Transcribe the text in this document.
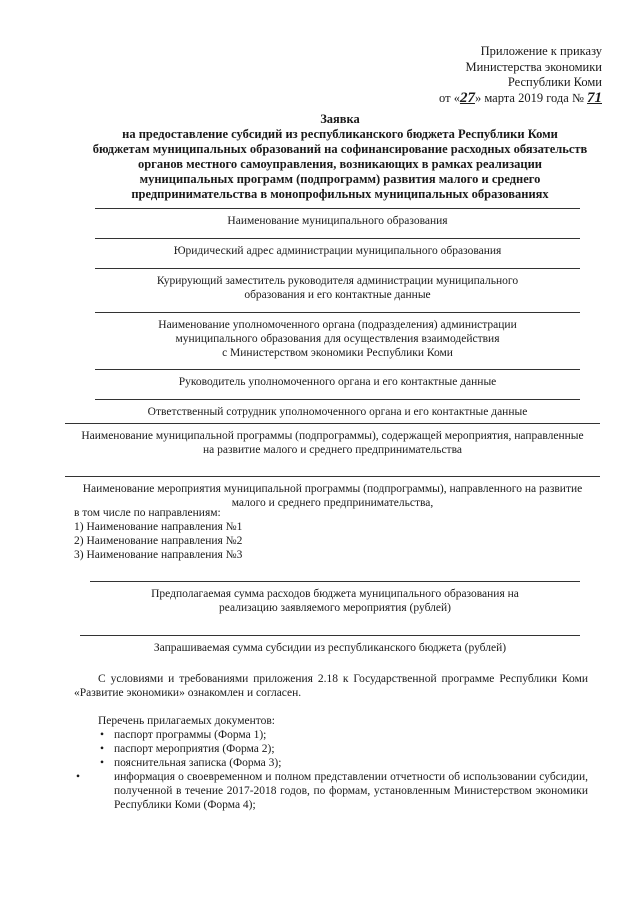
Приложение к приказу
Министерства экономики
Республики Коми
от «27» марта 2019 года № 71
Заявка
на предоставление субсидий из республиканского бюджета Республики Коми
бюджетам муниципальных образований на софинансирование расходных обязательств
органов местного самоуправления, возникающих в рамках реализации
муниципальных программ (подпрограмм) развития малого и среднего
предпринимательства в монопрофильных муниципальных образованиях
Наименование муниципального образования
Юридический адрес администрации муниципального образования
Курирующий заместитель руководителя администрации муниципального
образования и его контактные данные
Наименование уполномоченного органа (подразделения) администрации
муниципального образования для осуществления взаимодействия
с Министерством экономики Республики Коми
Руководитель уполномоченного органа и его контактные данные
Ответственный сотрудник уполномоченного органа и его контактные данные
Наименование муниципальной программы (подпрограммы), содержащей мероприятия, направленные
на развитие малого и среднего предпринимательства
Наименование мероприятия муниципальной программы (подпрограммы), направленного на развитие
малого и среднего предпринимательства,
в том числе по направлениям:
1) Наименование направления №1
2) Наименование направления №2
3) Наименование направления №3
Предполагаемая сумма расходов бюджета муниципального образования на
реализацию заявляемого мероприятия (рублей)
Запрашиваемая сумма субсидии из республиканского бюджета (рублей)
С условиями и требованиями приложения 2.18 к Государственной программе Республики Коми «Развитие экономики» ознакомлен и согласен.
Перечень прилагаемых документов:
• паспорт программы (Форма 1);
• паспорт мероприятия (Форма 2);
• пояснительная записка (Форма 3);
• информация о своевременном и полном представлении отчетности об использовании субсидии, полученной в течение 2017-2018 годов, по формам, установленным Министерством экономики Республики Коми (Форма 4);
